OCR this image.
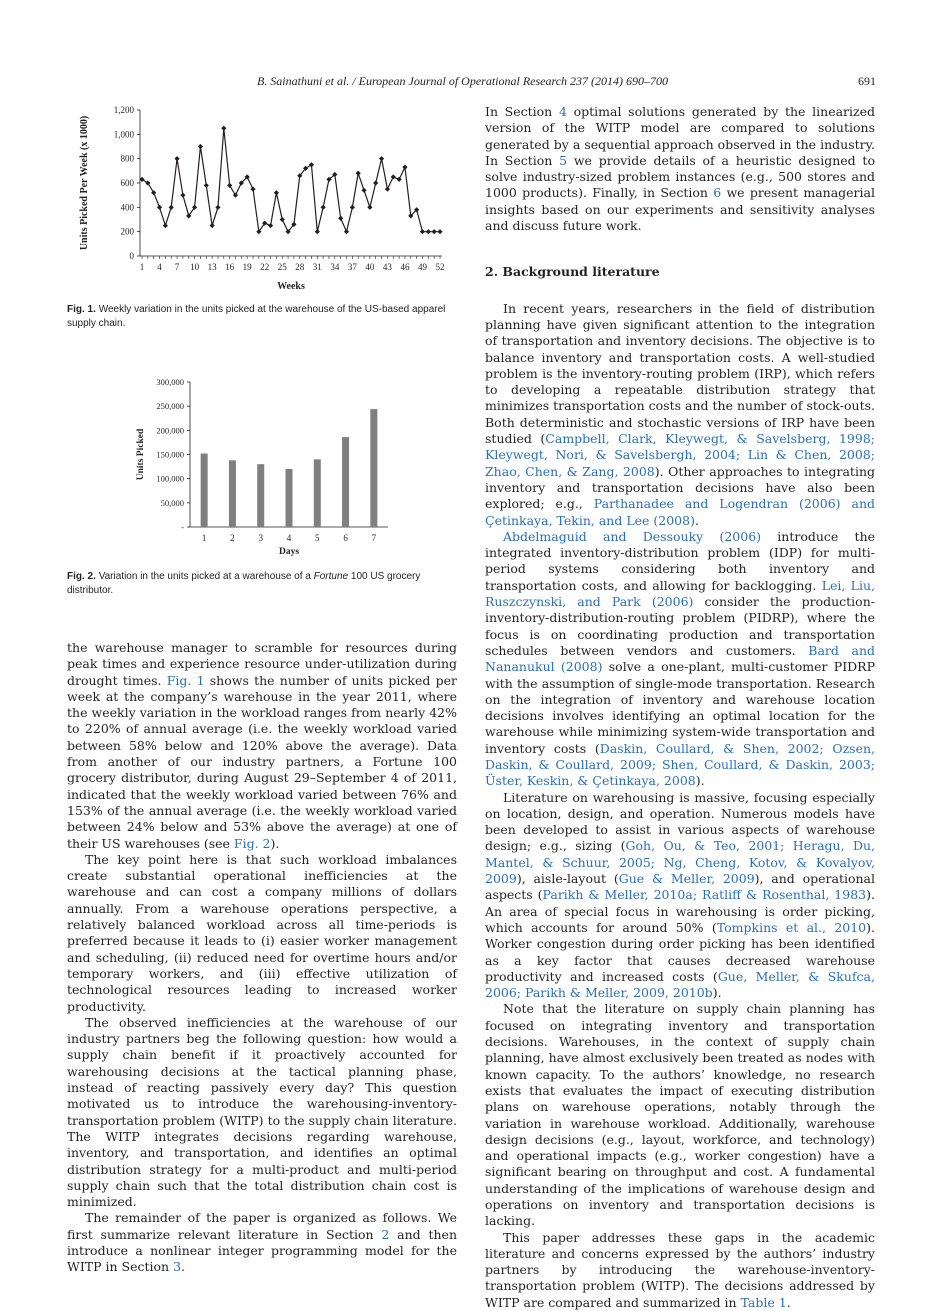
B. Sainathuni et al. / European Journal of Operational Research 237 (2014) 690–700	691
0
200
400
600
800
1,000
1,200
1 4 7 10 13 16 19 22 25 28 31 34 37 40 43 46 49 52
Weeks
Units Picked Per Week (x 1000)
Fig. 1. Weekly variation in the units picked at the warehouse of the US-based apparel supply chain.
-
50,000
100,000
150,000
200,000
250,000
300,000
1	2	3	4	5	6	7
Days
Units Picked
Fig. 2. Variation in the units picked at a warehouse of a Fortune 100 US grocery distributor.

the warehouse manager to scramble for resources during peak times and experience resource under-utilization during drought times. Fig. 1 shows the number of units picked per week at the company’s warehouse in the year 2011, where the weekly variation in the workload ranges from nearly 42% to 220% of annual average (i.e. the weekly workload varied between 58% below and 120% above the average). Data from another of our industry partners, a Fortune 100 grocery distributor, during August 29–September 4 of 2011, indicated that the weekly workload varied between 76% and 153% of the annual average (i.e. the weekly workload varied between 24% below and 53% above the average) at one of their US warehouses (see Fig. 2).

The key point here is that such workload imbalances create substantial operational inefficiencies at the warehouse and can cost a company millions of dollars annually. From a warehouse operations perspective, a relatively balanced workload across all time-periods is preferred because it leads to (i) easier worker management and scheduling, (ii) reduced need for overtime hours and/or temporary workers, and (iii) effective utilization of technological resources leading to increased worker productivity.

The observed inefficiencies at the warehouse of our industry partners beg the following question: how would a supply chain benefit if it proactively accounted for warehousing decisions at the tactical planning phase, instead of reacting passively every day? This question motivated us to introduce the warehousing-inventory-transportation problem (WITP) to the supply chain literature. The WITP integrates decisions regarding warehouse, inventory, and transportation, and identifies an optimal distribution strategy for a multi-product and multi-period supply chain such that the total distribution chain cost is minimized.

The remainder of the paper is organized as follows. We first summarize relevant literature in Section 2 and then introduce a nonlinear integer programming model for the WITP in Section 3.

In Section 4 optimal solutions generated by the linearized version of the WITP model are compared to solutions generated by a sequential approach observed in the industry. In Section 5 we provide details of a heuristic designed to solve industry-sized problem instances (e.g., 500 stores and 1000 products). Finally, in Section 6 we present managerial insights based on our experiments and sensitivity analyses and discuss future work.

2. Background literature

In recent years, researchers in the field of distribution planning have given significant attention to the integration of transportation and inventory decisions. The objective is to balance inventory and transportation costs. A well-studied problem is the inventory-routing problem (IRP), which refers to developing a repeatable distribution strategy that minimizes transportation costs and the number of stock-outs. Both deterministic and stochastic versions of IRP have been studied (Campbell, Clark, Kleywegt, & Savelsberg, 1998; Kleywegt, Nori, & Savelsbergh, 2004; Lin & Chen, 2008; Zhao, Chen, & Zang, 2008). Other approaches to integrating inventory and transportation decisions have also been explored; e.g., Parthanadee and Logendran (2006) and Çetinkaya, Tekin, and Lee (2008).

Abdelmaguid and Dessouky (2006) introduce the integrated inventory-distribution problem (IDP) for multi-period systems considering both inventory and transportation costs, and allowing for backlogging. Lei, Liu, Ruszczynski, and Park (2006) consider the production-inventory-distribution-routing problem (PIDRP), where the focus is on coordinating production and transportation schedules between vendors and customers. Bard and Nananukul (2008) solve a one-plant, multi-customer PIDRP with the assumption of single-mode transportation. Research on the integration of inventory and warehouse location decisions involves identifying an optimal location for the warehouse while minimizing system-wide transportation and inventory costs (Daskin, Coullard, & Shen, 2002; Ozsen, Daskin, & Coullard, 2009; Shen, Coullard, & Daskin, 2003; Üster, Keskin, & Çetinkaya, 2008).

Literature on warehousing is massive, focusing especially on location, design, and operation. Numerous models have been developed to assist in various aspects of warehouse design; e.g., sizing (Goh, Ou, & Teo, 2001; Heragu, Du, Mantel, & Schuur, 2005; Ng, Cheng, Kotov, & Kovalyov, 2009), aisle-layout (Gue & Meller, 2009), and operational aspects (Parikh & Meller, 2010a; Ratliff & Rosenthal, 1983). An area of special focus in warehousing is order picking, which accounts for around 50% (Tompkins et al., 2010). Worker congestion during order picking has been identified as a key factor that causes decreased warehouse productivity and increased costs (Gue, Meller, & Skufca, 2006; Parikh & Meller, 2009, 2010b).

Note that the literature on supply chain planning has focused on integrating inventory and transportation decisions. Warehouses, in the context of supply chain planning, have almost exclusively been treated as nodes with known capacity. To the authors’ knowledge, no research exists that evaluates the impact of executing distribution plans on warehouse operations, notably through the variation in warehouse workload. Additionally, warehouse design decisions (e.g., layout, workforce, and technology) and operational impacts (e.g., worker congestion) have a significant bearing on throughput and cost. A fundamental understanding of the implications of warehouse design and operations on inventory and transportation decisions is lacking.

This paper addresses these gaps in the academic literature and concerns expressed by the authors’ industry partners by introducing the warehouse-inventory-transportation problem (WITP). The decisions addressed by WITP are compared and summarized in Table 1.
